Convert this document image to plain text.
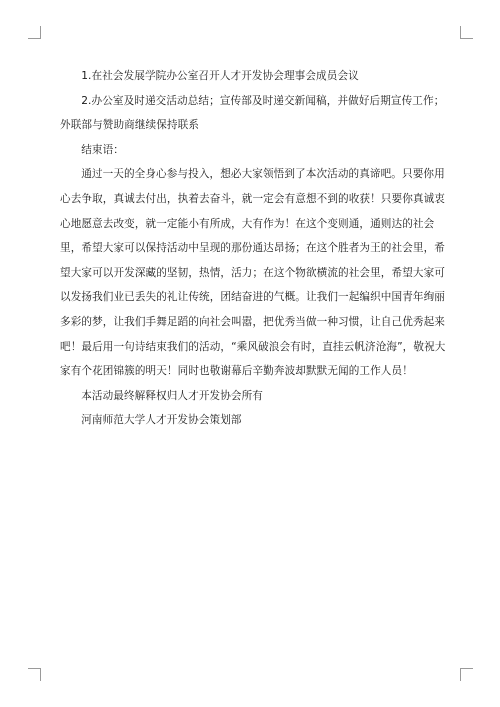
1.在社会发展学院办公室召开人才开发协会理事会成员会议

2.办公室及时递交活动总结；宣传部及时递交新闻稿，并做好后期宣传工作；外联部与赞助商继续保持联系

结束语：

通过一天的全身心参与投入，想必大家领悟到了本次活动的真谛吧。只要你用心去争取，真诚去付出，执着去奋斗，就一定会有意想不到的收获！只要你真诚衷心地愿意去改变，就一定能小有所成，大有作为！在这个变则通，通则达的社会里，希望大家可以保持活动中呈现的那份通达昂扬；在这个胜者为王的社会里，希望大家可以开发深藏的坚韧，热情，活力；在这个物欲横流的社会里，希望大家可以发扬我们业已丢失的礼让传统，团结奋进的气概。让我们一起编织中国青年绚丽多彩的梦，让我们手舞足蹈的向社会叫嚣，把优秀当做一种习惯，让自己优秀起来吧！最后用一句诗结束我们的活动，“乘风破浪会有时，直挂云帆济沧海”，敬祝大家有个花团锦簇的明天！同时也敬谢幕后辛勤奔波却默默无闻的工作人员！

本活动最终解释权归人才开发协会所有

河南师范大学人才开发协会策划部
